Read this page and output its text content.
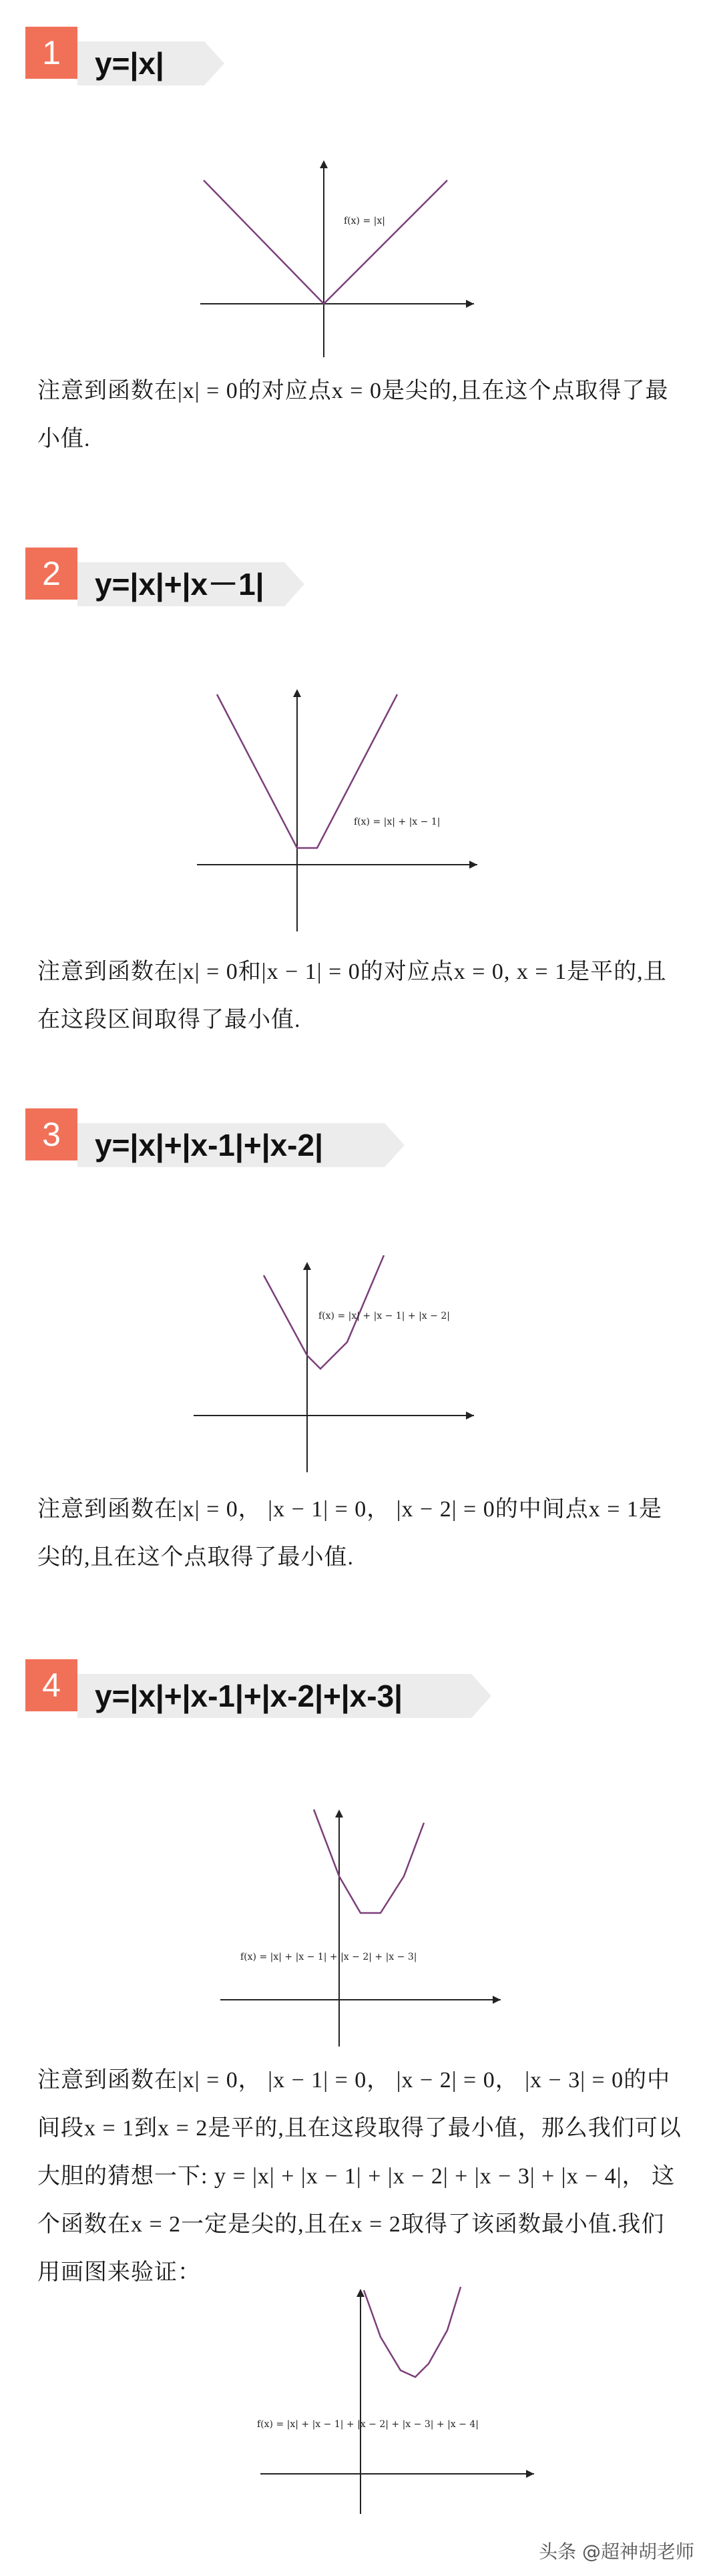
1	y=|x|
f(x) = |x|

注意到函数在|x| = 0的对应点x = 0是尖的,且在这个点取得了最小值.

2	y=|x|+|x－1|
f(x) = |x| + |x − 1|

注意到函数在|x| = 0和|x − 1| = 0的对应点x = 0, x = 1是平的,且在这段区间取得了最小值.

3	y=|x|+|x-1|+|x-2|
f(x) = |x| + |x − 1| + |x − 2|

注意到函数在|x| = 0， |x − 1| = 0， |x − 2| = 0的中间点x = 1是尖的,且在这个点取得了最小值.

4	y=|x|+|x-1|+|x-2|+|x-3|
f(x) = |x| + |x − 1| + |x − 2| + |x − 3|

注意到函数在|x| = 0， |x − 1| = 0， |x − 2| = 0， |x − 3| = 0的中间段x = 1到x = 2是平的,且在这段取得了最小值，那么我们可以大胆的猜想一下: y = |x| + |x − 1| + |x − 2| + |x − 3| + |x − 4|， 这个函数在x = 2一定是尖的,且在x = 2取得了该函数最小值.我们用画图来验证：

f(x) = |x| + |x − 1| + |x − 2| + |x − 3| + |x − 4|
头条 @超神胡老师
